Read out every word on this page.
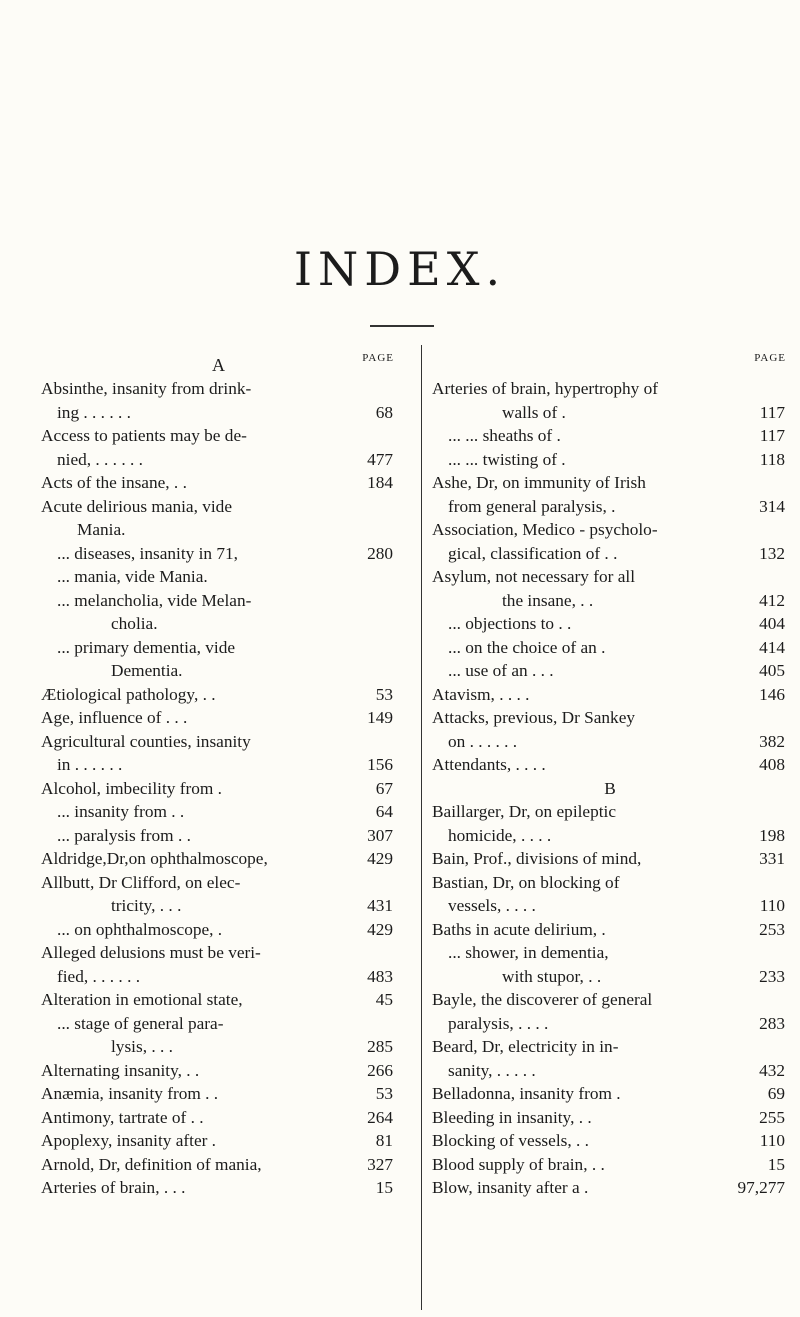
INDEX.
A	PAGE
Absinthe, insanity from drink-
ing . . . . . .	68
Access to patients may be de-
nied, . . . . . .	477
Acts of the insane, . .	184
Acute delirious mania, vide
Mania.
... diseases, insanity in 71,	280
... mania, vide Mania.
... melancholia, vide Melan-
cholia.
... primary dementia, vide
Dementia.
Ætiological pathology, . .	53
Age, influence of . . .	149
Agricultural counties, insanity
in . . . . . .	156
Alcohol, imbecility from .	67
... insanity from . .	64
... paralysis from . .	307
Aldridge,Dr,on ophthalmoscope,	429
Allbutt, Dr Clifford, on elec-
tricity, . . .	431
... on ophthalmoscope, .	429
Alleged delusions must be veri-
fied, . . . . . .	483
Alteration in emotional state,	45
... stage of general para-
lysis, . . .	285
Alternating insanity, . .	266
Anæmia, insanity from . .	53
Antimony, tartrate of . .	264
Apoplexy, insanity after .	81
Arnold, Dr, definition of mania,	327
Arteries of brain, . . .	15
PAGE
Arteries of brain, hypertrophy of
walls of .	117
... ... sheaths of .	117
... ... twisting of .	118
Ashe, Dr, on immunity of Irish
from general paralysis, .	314
Association, Medico - psycholo-
gical, classification of . .	132
Asylum, not necessary for all
the insane, . .	412
... objections to . .	404
... on the choice of an .	414
... use of an . . .	405
Atavism, . . . .	146
Attacks, previous, Dr Sankey
on . . . . . .	382
Attendants, . . . .	408
B
Baillarger, Dr, on epileptic
homicide, . . . .	198
Bain, Prof., divisions of mind,	331
Bastian, Dr, on blocking of
vessels, . . . .	110
Baths in acute delirium, .	253
... shower, in dementia,
with stupor, . .	233
Bayle, the discoverer of general
paralysis, . . . .	283
Beard, Dr, electricity in in-
sanity, . . . . .	432
Belladonna, insanity from .	69
Bleeding in insanity, . .	255
Blocking of vessels, . .	110
Blood supply of brain, . .	15
Blow, insanity after a .	97,277
